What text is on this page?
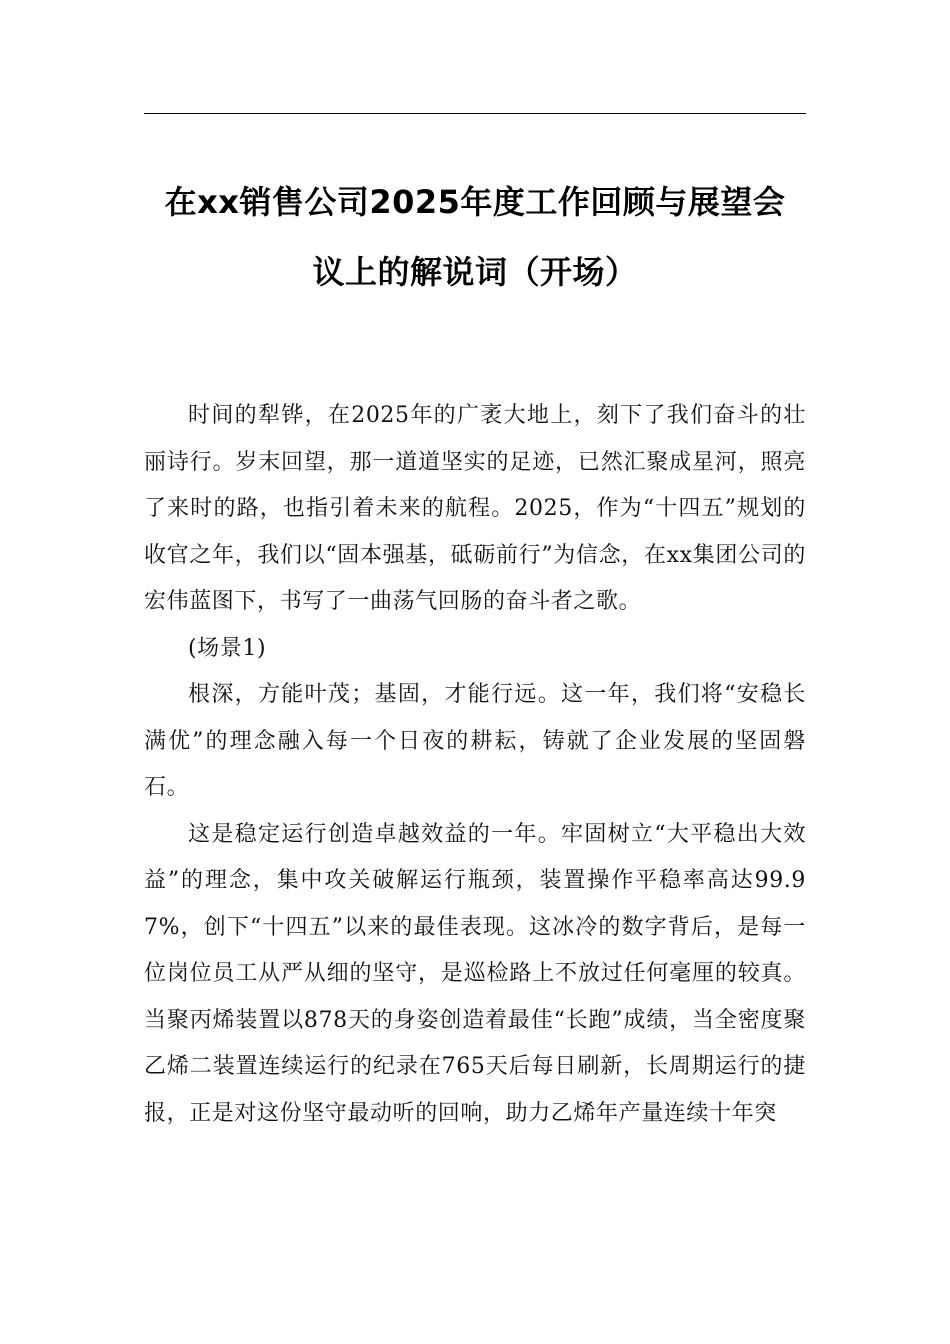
在xx销售公司2025年度工作回顾与展望会
议上的解说词（开场）

时间的犁铧，在2025年的广袤大地上，刻下了我们奋斗的壮丽诗行。岁末回望，那一道道坚实的足迹，已然汇聚成星河，照亮了来时的路，也指引着未来的航程。2025，作为“十四五”规划的收官之年，我们以“固本强基，砥砺前行”为信念，在xx集团公司的宏伟蓝图下，书写了一曲荡气回肠的奋斗者之歌。

(场景1)

根深，方能叶茂；基固，才能行远。这一年，我们将“安稳长满优”的理念融入每一个日夜的耕耘，铸就了企业发展的坚固磐石。

这是稳定运行创造卓越效益的一年。牢固树立“大平稳出大效益”的理念，集中攻关破解运行瓶颈，装置操作平稳率高达99.97%，创下“十四五”以来的最佳表现。这冰冷的数字背后，是每一位岗位员工从严从细的坚守，是巡检路上不放过任何毫厘的较真。当聚丙烯装置以878天的身姿创造着最佳“长跑”成绩，当全密度聚乙烯二装置连续运行的纪录在765天后每日刷新，长周期运行的捷报，正是对这份坚守最动听的回响，助力乙烯年产量连续十年突
